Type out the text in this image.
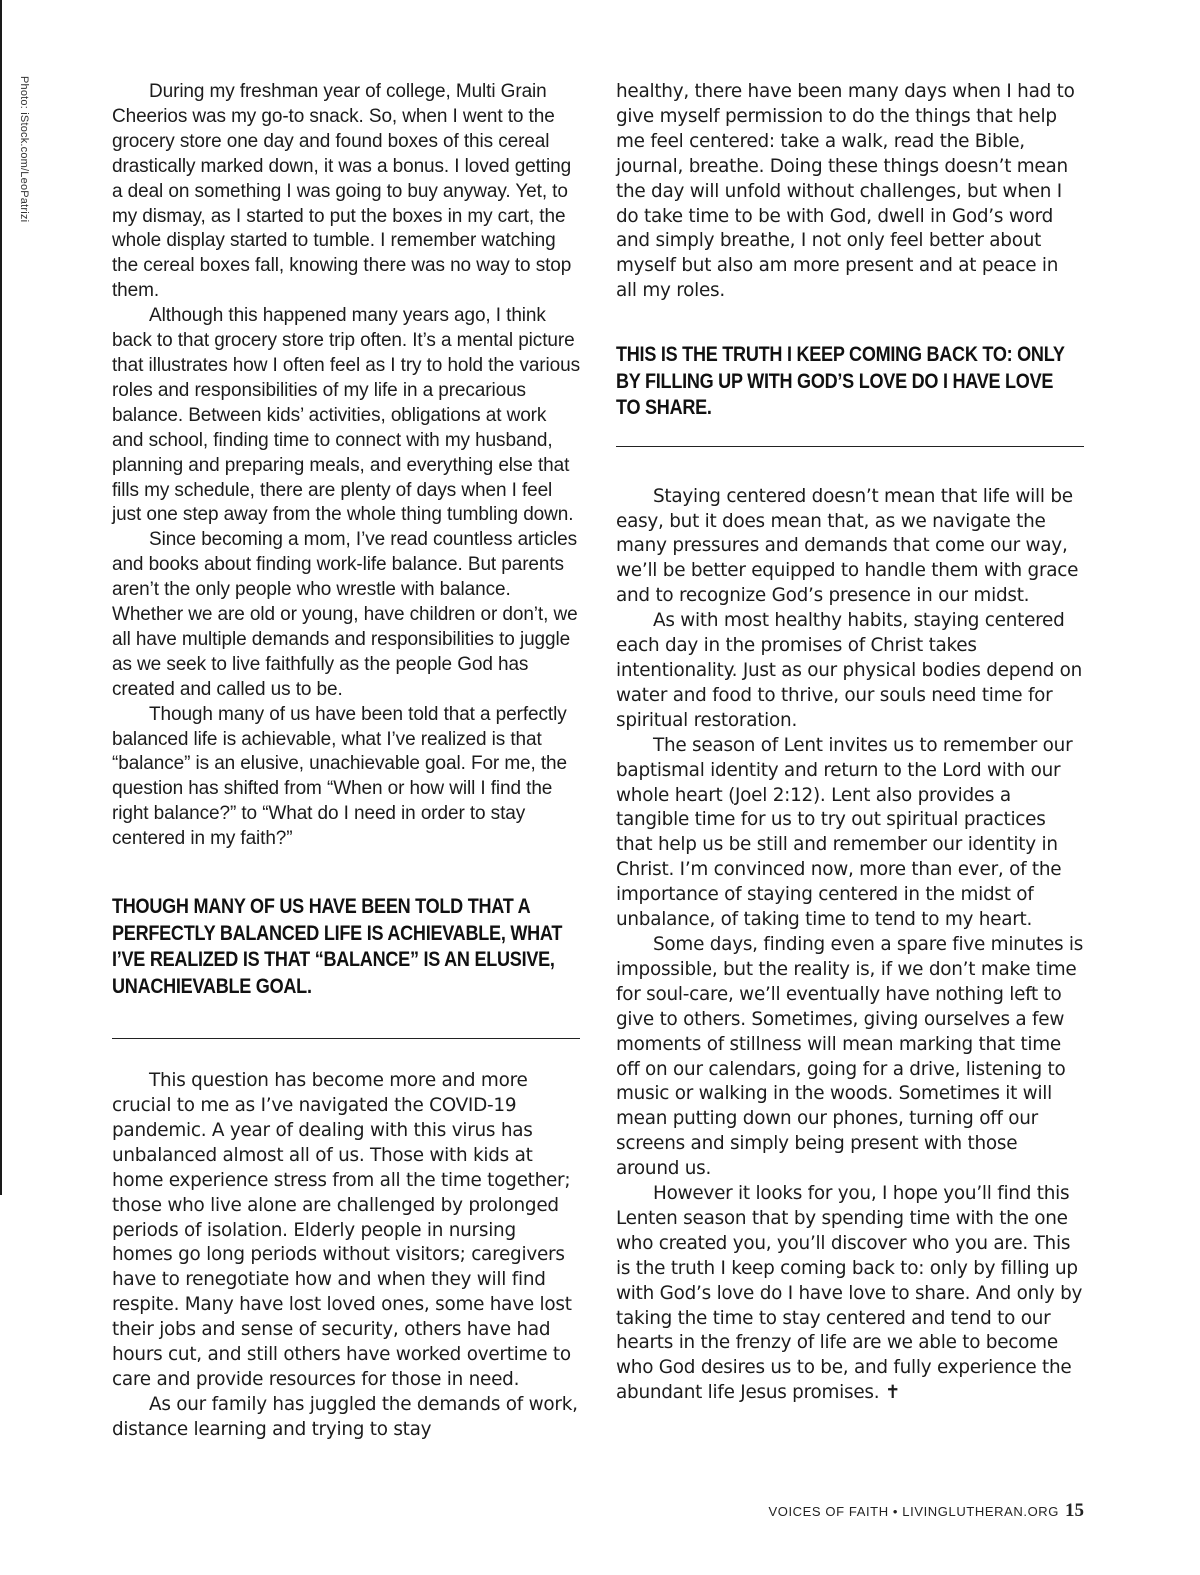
Photo: iStock.com/LeoPatrizi	During my freshman year of college, Multi Grain Cheerios was my go-to snack. So, when I went to the grocery store one day and found boxes of this cereal drastically marked down, it was a bonus. I loved getting a deal on something I was going to buy anyway. Yet, to my dismay, as I started to put the boxes in my cart, the whole display started to tumble. I remember watching the cereal boxes fall, knowing there was no way to stop them.

Although this happened many years ago, I think back to that grocery store trip often. It’s a mental picture that illustrates how I often feel as I try to hold the various roles and responsibilities of my life in a precarious balance. Between kids’ activities, obligations at work and school, finding time to connect with my husband, planning and preparing meals, and everything else that fills my schedule, there are plenty of days when I feel just one step away from the whole thing tumbling down.

Since becoming a mom, I’ve read countless articles and books about finding work-life balance. But parents aren’t the only people who wrestle with balance. Whether we are old or young, have children or don’t, we all have multiple demands and responsibilities to juggle as we seek to live faithfully as the people God has created and called us to be.

Though many of us have been told that a perfectly balanced life is achievable, what I’ve realized is that “balance” is an elusive, unachievable goal. For me, the question has shifted from “When or how will I find the right balance?” to “What do I need in order to stay centered in my faith?”

THOUGH MANY OF US HAVE BEEN TOLD THAT A PERFECTLY BALANCED LIFE IS ACHIEVABLE, WHAT I’VE REALIZED IS THAT “BALANCE” IS AN ELUSIVE, UNACHIEVABLE GOAL.

This question has become more and more crucial to me as I’ve navigated the COVID-19 pandemic. A year of dealing with this virus has unbalanced almost all of us. Those with kids at home experience stress from all the time together; those who live alone are challenged by prolonged periods of isolation. Elderly people in nursing homes go long periods without visitors; caregivers have to renegotiate how and when they will find respite. Many have lost loved ones, some have lost their jobs and sense of security, others have had hours cut, and still others have worked overtime to care and provide resources for those in need.

As our family has juggled the demands of work, distance learning and trying to stay

healthy, there have been many days when I had to give myself permission to do the things that help me feel centered: take a walk, read the Bible, journal, breathe. Doing these things doesn’t mean the day will unfold without challenges, but when I do take time to be with God, dwell in God’s word and simply breathe, I not only feel better about myself but also am more present and at peace in all my roles.

THIS IS THE TRUTH I KEEP COMING BACK TO: ONLY BY FILLING UP WITH GOD’S LOVE DO I HAVE LOVE TO SHARE.

Staying centered doesn’t mean that life will be easy, but it does mean that, as we navigate the many pressures and demands that come our way, we’ll be better equipped to handle them with grace and to recognize God’s presence in our midst.

As with most healthy habits, staying centered each day in the promises of Christ takes intentionality. Just as our physical bodies depend on water and food to thrive, our souls need time for spiritual restoration.

The season of Lent invites us to remember our baptismal identity and return to the Lord with our whole heart (Joel 2:12). Lent also provides a tangible time for us to try out spiritual practices that help us be still and remember our identity in Christ. I’m convinced now, more than ever, of the importance of staying centered in the midst of unbalance, of taking time to tend to my heart.

Some days, finding even a spare five minutes is impossible, but the reality is, if we don’t make time for soul-care, we’ll eventually have nothing left to give to others. Sometimes, giving ourselves a few moments of stillness will mean marking that time off on our calendars, going for a drive, listening to music or walking in the woods. Sometimes it will mean putting down our phones, turning off our screens and simply being present with those around us.

However it looks for you, I hope you’ll find this Lenten season that by spending time with the one who created you, you’ll discover who you are. This is the truth I keep coming back to: only by filling up with God’s love do I have love to share. And only by taking the time to stay centered and tend to our hearts in the frenzy of life are we able to become who God desires us to be, and fully experience the abundant life Jesus promises. ✝

VOICES OF FAITH • LIVINGLUTHERAN.ORG 15
